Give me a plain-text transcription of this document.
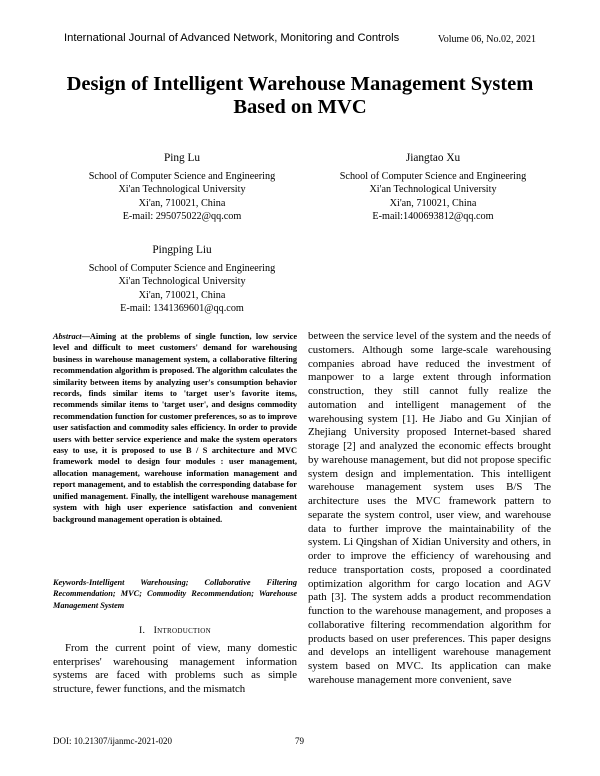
International Journal of Advanced Network, Monitoring and Controls	Volume 06, No.02, 2021
Design of Intelligent Warehouse Management System
Based on MVC
Ping Lu
School of Computer Science and Engineering
Xi'an Technological University
Xi'an, 710021, China
E-mail: 295075022@qq.com
Jiangtao Xu
School of Computer Science and Engineering
Xi'an Technological University
Xi'an, 710021, China
E-mail:1400693812@qq.com
Pingping Liu
School of Computer Science and Engineering
Xi'an Technological University
Xi'an, 710021, China
E-mail: 1341369601@qq.com
Abstract—Aiming at the problems of single function, low service level and difficult to meet customers' demand for warehousing business in warehouse management system, a collaborative filtering recommendation algorithm is proposed. The algorithm calculates the similarity between items by analyzing user's consumption behavior records, finds similar items to 'target user's favorite items, recommends similar items to 'target user', and designs commodity recommendation function for customer preferences, so as to improve user satisfaction and commodity sales efficiency. In order to provide users with better service experience and make the system operators easy to use, it is proposed to use B / S architecture and MVC framework model to design four modules : user management, allocation management, warehouse information management and report management, and to establish the corresponding database for unified management. Finally, the intelligent warehouse management system with high user experience satisfaction and convenient background management operation is obtained.
Keywords-Intelligent Warehousing; Collaborative Filtering Recommendation; MVC; Commodity Recommendation; Warehouse Management System
I. Introduction
From the current point of view, many domestic enterprises' warehousing management information systems are faced with problems such as simple structure, fewer functions, and the mismatch
between the service level of the system and the needs of customers. Although some large-scale warehousing companies abroad have reduced the investment of manpower to a large extent through information construction, they still cannot fully realize the automation and intelligent management of the warehousing system [1]. He Jiabo and Gu Xinjian of Zhejiang University proposed Internet-based shared storage [2] and analyzed the economic effects brought by warehouse management, but did not propose specific system design and implementation. This intelligent warehouse management system uses B/S The architecture uses the MVC framework pattern to separate the system control, user view, and warehouse data to further improve the maintainability of the system. Li Qingshan of Xidian University and others, in order to improve the efficiency of warehousing and reduce transportation costs, proposed a coordinated optimization algorithm for cargo location and AGV path [3]. The system adds a product recommendation function to the warehouse management, and proposes a collaborative filtering recommendation algorithm for products based on user preferences. This paper designs and develops an intelligent warehouse management system based on MVC. Its application can make warehouse management more convenient, save
DOI: 10.21307/ijanmc-2021-020	79
